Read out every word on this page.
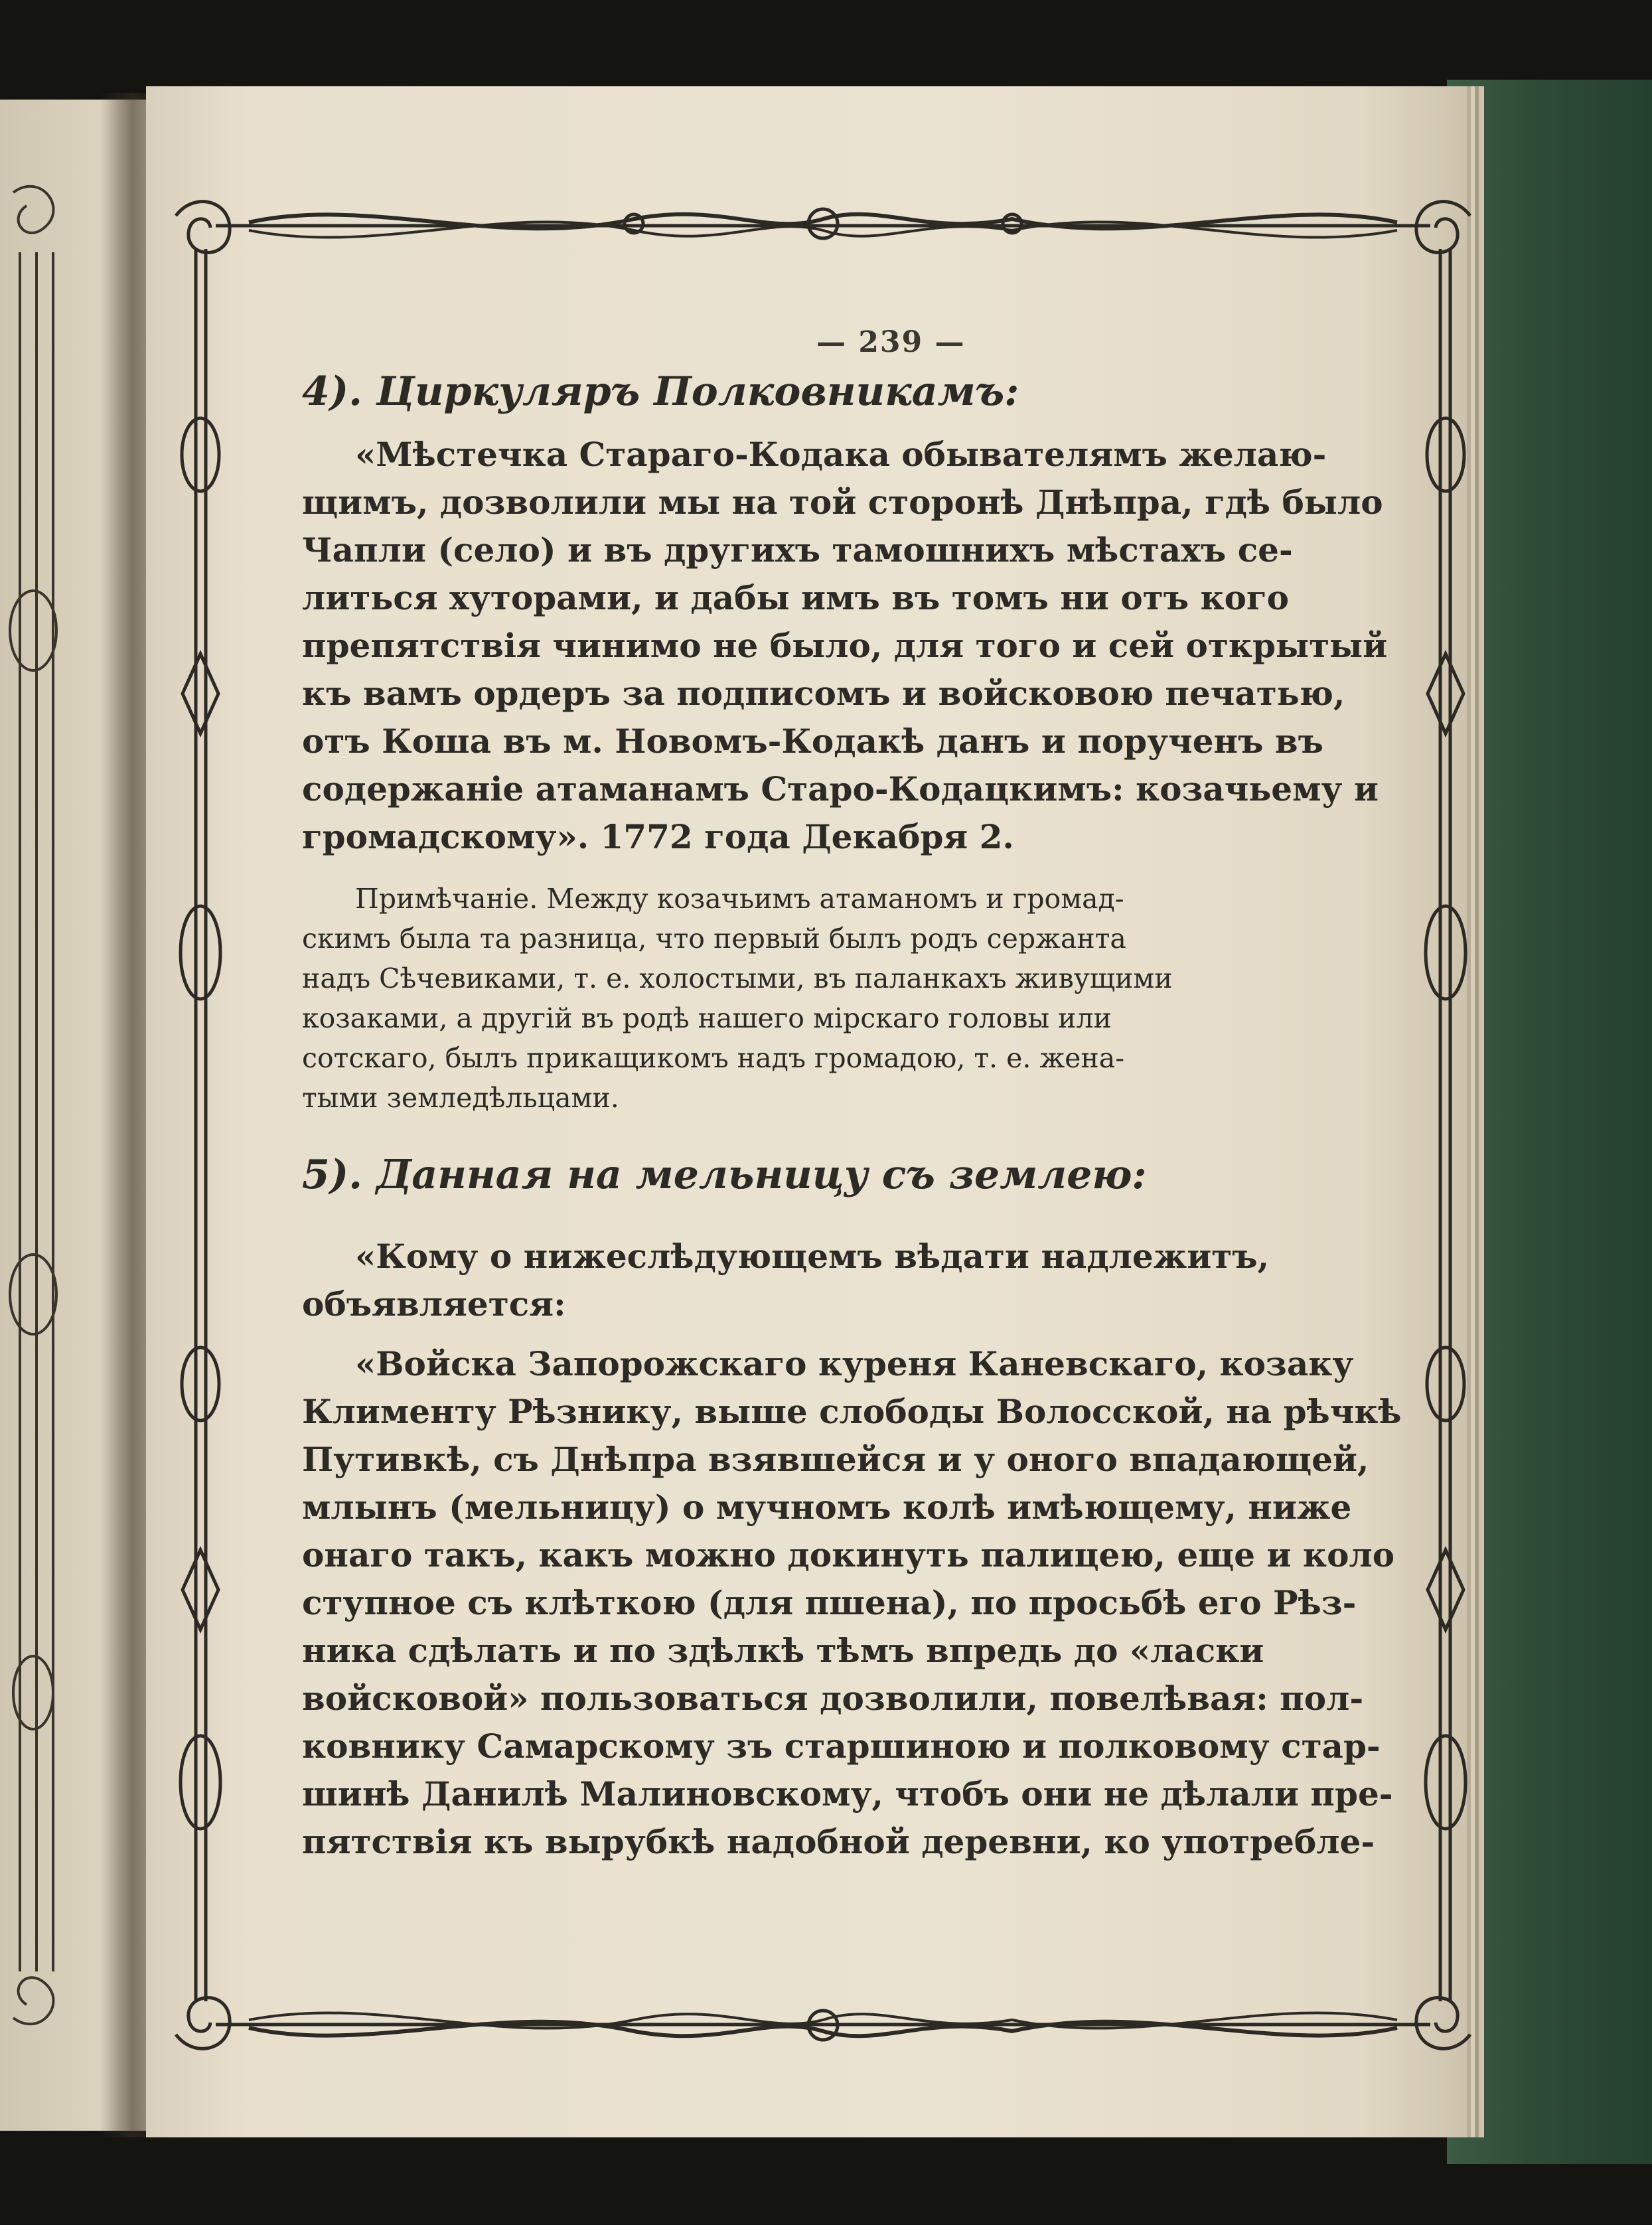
— 239 —
4). Циркуляръ Полковникамъ:
«Мѣстечка Стараго-Кодака обывателямъ желаю-
щимъ, дозволили мы на той сторонѣ Днѣпра, гдѣ было
Чапли (село) и въ другихъ тамошнихъ мѣстахъ се-
литься хуторами, и дабы имъ въ томъ ни отъ кого
препятствія чинимо не было, для того и сей открытый
къ вамъ ордеръ за подписомъ и войсковою печатью,
отъ Коша въ м. Новомъ-Кодакѣ данъ и порученъ въ
содержаніе атаманамъ Старо-Кодацкимъ: козачьему и
громадскому». 1772 года Декабря 2.
Примѣчаніе. Между козачьимъ атаманомъ и громад-
скимъ была та разница, что первый былъ родъ сержанта
надъ Сѣчевиками, т. е. холостыми, въ паланкахъ живущими
козаками, а другій въ родѣ нашего мірскаго головы или
сотскаго, былъ прикащикомъ надъ громадою, т. е. жена-
тыми земледѣльцами.
5). Данная на мельницу съ землею:
«Кому о нижеслѣдующемъ вѣдати надлежитъ,
объявляется:
«Войска Запорожскаго куреня Каневскаго, козаку
Клименту Рѣзнику, выше слободы Волосской, на рѣчкѣ
Путивкѣ, съ Днѣпра взявшейся и у оного впадающей,
млынъ (мельницу) о мучномъ колѣ имѣющему, ниже
онаго такъ, какъ можно докинуть палицею, еще и коло
ступное съ клѣткою (для пшена), по просьбѣ его Рѣз-
ника сдѣлать и по здѣлкѣ тѣмъ впредь до «ласки
войсковой» пользоваться дозволили, повелѣвая: пол-
ковнику Самарскому зъ старшиною и полковому стар-
шинѣ Данилѣ Малиновскому, чтобъ они не дѣлали пре-
пятствія къ вырубкѣ надобной деревни, ко употребле-
